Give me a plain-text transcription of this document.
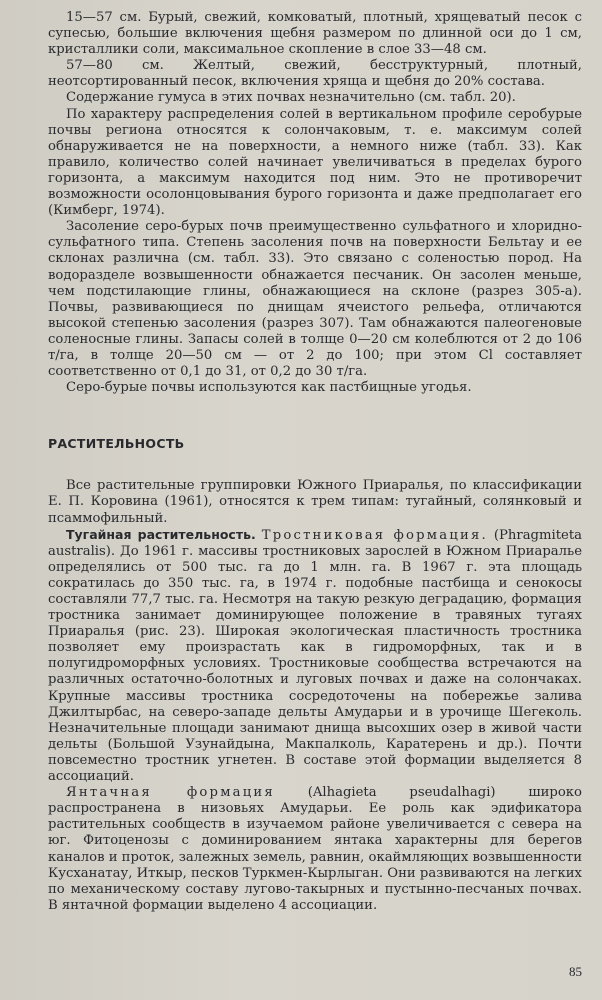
15—57 см. Бурый, свежий, комковатый, плотный, хрящеватый песок с супесью, большие включения щебня размером по длинной оси до 1 см, кристаллики соли, максимальное скопление в слое 33—48 см.

57—80 см. Желтый, свежий, бесструктурный, плотный, неотсортированный песок, включения хряща и щебня до 20% состава.

Содержание гумуса в этих почвах незначительно (см. табл. 20).

По характеру распределения солей в вертикальном профиле серобурые почвы региона относятся к солончаковым, т. е. максимум солей обнаруживается не на поверхности, а немного ниже (табл. 33). Как правило, количество солей начинает увеличиваться в пределах бурого горизонта, а максимум находится под ним. Это не противоречит возможности осолонцовывания бурого горизонта и даже предполагает его (Кимберг, 1974).

Засоление серо-бурых почв преимущественно сульфатного и хлоридно-сульфатного типа. Степень засоления почв на поверхности Бельтау и ее склонах различна (см. табл. 33). Это связано с соленостью пород. На водоразделе возвышенности обнажается песчаник. Он засолен меньше, чем подстилающие глины, обнажающиеся на склоне (разрез 305-а). Почвы, развивающиеся по днищам ячеистого рельефа, отличаются высокой степенью засоления (разрез 307). Там обнажаются палеогеновые соленосные глины. Запасы солей в толще 0—20 см колеблются от 2 до 106 т/га, в толще 20—50 см — от 2 до 100; при этом Cl составляет соответственно от 0,1 до 31, от 0,2 до 30 т/га.

Серо-бурые почвы используются как пастбищные угодья.

РАСТИТЕЛЬНОСТЬ

Все растительные группировки Южного Приаралья, по классификации Е. П. Коровина (1961), относятся к трем типам: тугайный, солянковый и псаммофильный.

Тугайная растительность. Тростниковая формация. (Phragmiteta australis). До 1961 г. массивы тростниковых зарослей в Южном Приаралье определялись от 500 тыс. га до 1 млн. га. В 1967 г. эта площадь сократилась до 350 тыс. га, в 1974 г. подобные пастбища и сенокосы составляли 77,7 тыс. га. Несмотря на такую резкую деградацию, формация тростника занимает доминирующее положение в травяных тугаях Приаралья (рис. 23). Широкая экологическая пластичность тростника позволяет ему произрастать как в гидроморфных, так и в полугидроморфных условиях. Тростниковые сообщества встречаются на различных остаточно-болотных и луговых почвах и даже на солончаках. Крупные массивы тростника сосредоточены на побережье залива Джилтырбас, на северо-западе дельты Амударьи и в урочище Шегеколь. Незначительные площади занимают днища высохших озер в живой части дельты (Большой Узунайдына, Макпалколь, Каратерень и др.). Почти повсеместно тростник угнетен. В составе этой формации выделяется 8 ассоциаций.

Янтачная формация (Alhagieta pseudalhagi) широко распространена в низовьях Амударьи. Ее роль как эдификатора растительных сообществ в изучаемом районе увеличивается с севера на юг. Фитоценозы с доминированием янтака характерны для берегов каналов и проток, залежных земель, равнин, окаймляющих возвышенности Кусханатау, Иткыр, песков Туркмен-Кырлыган. Они развиваются на легких по механическому составу лугово-такырных и пустынно-песчаных почвах. В янтачной формации выделено 4 ассоциации.

85
